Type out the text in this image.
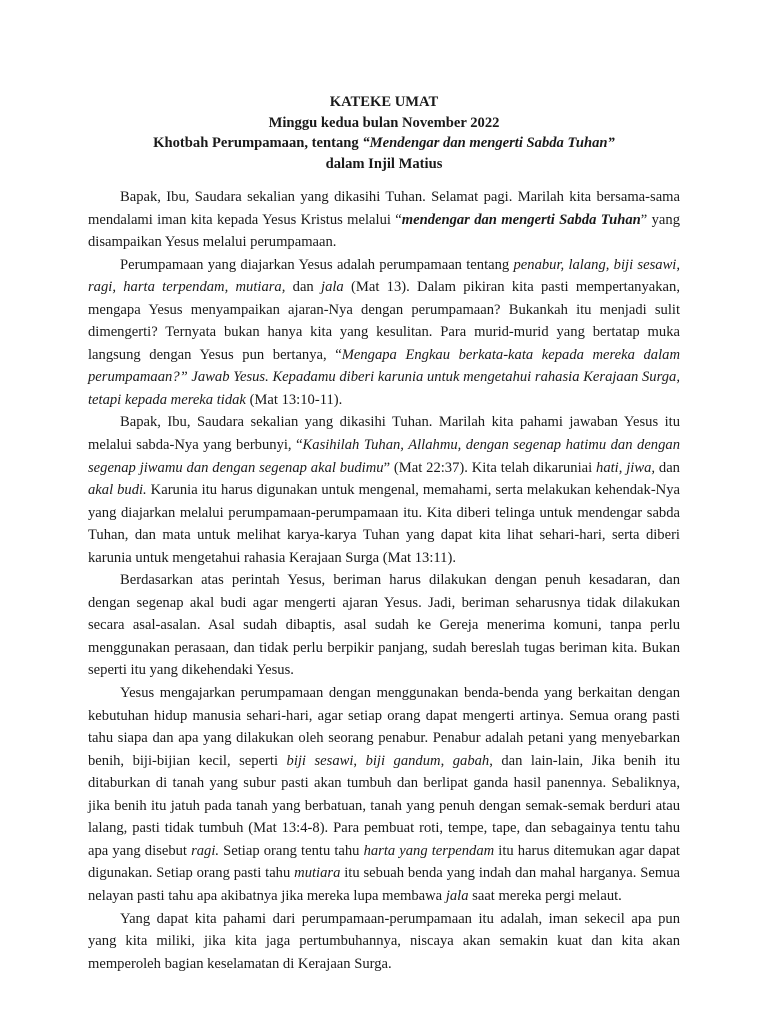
KATEKE UMAT
Minggu kedua bulan November 2022
Khotbah Perumpamaan, tentang “Mendengar dan mengerti Sabda Tuhan”
dalam Injil Matius

Bapak, Ibu, Saudara sekalian yang dikasihi Tuhan. Selamat pagi. Marilah kita bersama-sama mendalami iman kita kepada Yesus Kristus melalui “mendengar dan mengerti Sabda Tuhan” yang disampaikan Yesus melalui perumpamaan.

Perumpamaan yang diajarkan Yesus adalah perumpamaan tentang penabur, lalang, biji sesawi, ragi, harta terpendam, mutiara, dan jala (Mat 13). Dalam pikiran kita pasti mempertanyakan, mengapa Yesus menyampaikan ajaran-Nya dengan perumpamaan? Bukankah itu menjadi sulit dimengerti? Ternyata bukan hanya kita yang kesulitan. Para murid-murid yang bertatap muka langsung dengan Yesus pun bertanya, “Mengapa Engkau berkata-kata kepada mereka dalam perumpamaan?” Jawab Yesus. Kepadamu diberi karunia untuk mengetahui rahasia Kerajaan Surga, tetapi kepada mereka tidak (Mat 13:10-11).

Bapak, Ibu, Saudara sekalian yang dikasihi Tuhan. Marilah kita pahami jawaban Yesus itu melalui sabda-Nya yang berbunyi, “Kasihilah Tuhan, Allahmu, dengan segenap hatimu dan dengan segenap jiwamu dan dengan segenap akal budimu” (Mat 22:37). Kita telah dikaruniai hati, jiwa, dan akal budi. Karunia itu harus digunakan untuk mengenal, memahami, serta melakukan kehendak-Nya yang diajarkan melalui perumpamaan-perumpamaan itu. Kita diberi telinga untuk mendengar sabda Tuhan, dan mata untuk melihat karya-karya Tuhan yang dapat kita lihat sehari-hari, serta diberi karunia untuk mengetahui rahasia Kerajaan Surga (Mat 13:11).

Berdasarkan atas perintah Yesus, beriman harus dilakukan dengan penuh kesadaran, dan dengan segenap akal budi agar mengerti ajaran Yesus. Jadi, beriman seharusnya tidak dilakukan secara asal-asalan. Asal sudah dibaptis, asal sudah ke Gereja menerima komuni, tanpa perlu menggunakan perasaan, dan tidak perlu berpikir panjang, sudah bereslah tugas beriman kita. Bukan seperti itu yang dikehendaki Yesus.

Yesus mengajarkan perumpamaan dengan menggunakan benda-benda yang berkaitan dengan kebutuhan hidup manusia sehari-hari, agar setiap orang dapat mengerti artinya. Semua orang pasti tahu siapa dan apa yang dilakukan oleh seorang penabur. Penabur adalah petani yang menyebarkan benih, biji-bijian kecil, seperti biji sesawi, biji gandum, gabah, dan lain-lain, Jika benih itu ditaburkan di tanah yang subur pasti akan tumbuh dan berlipat ganda hasil panennya. Sebaliknya, jika benih itu jatuh pada tanah yang berbatuan, tanah yang penuh dengan semak-semak berduri atau lalang, pasti tidak tumbuh (Mat 13:4-8). Para pembuat roti, tempe, tape, dan sebagainya tentu tahu apa yang disebut ragi. Setiap orang tentu tahu harta yang terpendam itu harus ditemukan agar dapat digunakan. Setiap orang pasti tahu mutiara itu sebuah benda yang indah dan mahal harganya. Semua nelayan pasti tahu apa akibatnya jika mereka lupa membawa jala saat mereka pergi melaut.

Yang dapat kita pahami dari perumpamaan-perumpamaan itu adalah, iman sekecil apa pun yang kita miliki, jika kita jaga pertumbuhannya, niscaya akan semakin kuat dan kita akan memperoleh bagian keselamatan di Kerajaan Surga.
